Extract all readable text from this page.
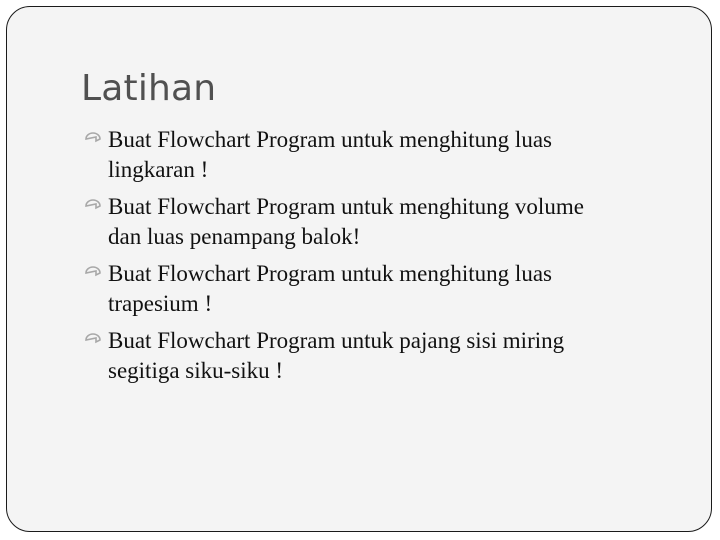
Latihan
Buat Flowchart Program untuk menghitung luas
lingkaran !
Buat Flowchart Program untuk menghitung volume
dan luas penampang balok!
Buat Flowchart Program untuk menghitung luas
trapesium !
Buat Flowchart Program untuk pajang sisi miring
segitiga siku-siku !
